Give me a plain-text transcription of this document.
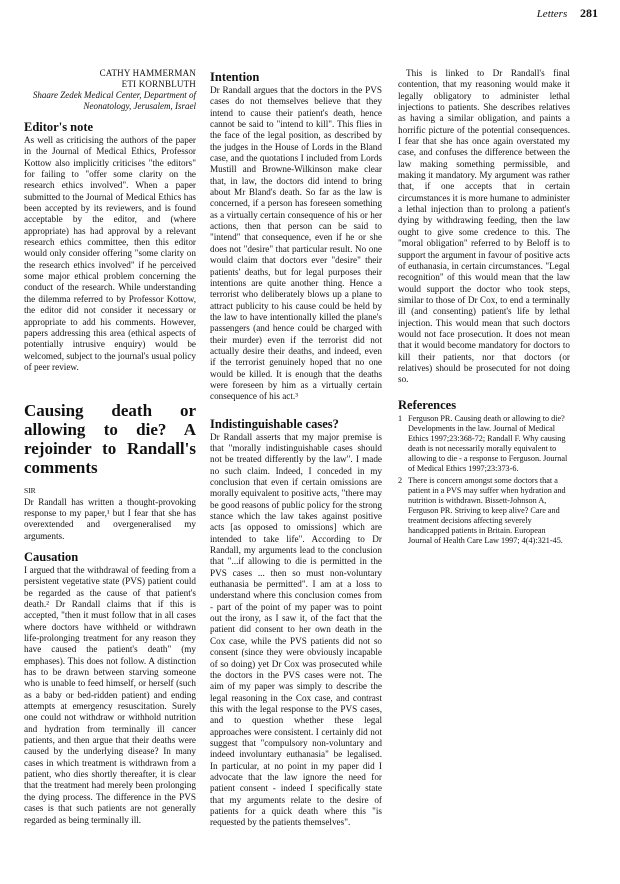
Letters 281
CATHY HAMMERMAN
ETI KORNBLUTH
Shaare Zedek Medical Center, Department of
Neonatology, Jerusalem, Israel
Editor's note

As well as criticising the authors of the paper in the Journal of Medical Ethics, Professor Kottow also implicitly criticises "the editors" for failing to "offer some clarity on the research ethics involved". When a paper submitted to the Journal of Medical Ethics has been accepted by its reviewers, and is found acceptable by the editor, and (where appropriate) has had approval by a relevant research ethics committee, then this editor would only consider offering "some clarity on the research ethics involved" if he perceived some major ethical problem concerning the conduct of the research. While understanding the dilemma referred to by Professor Kottow, the editor did not consider it necessary or appropriate to add his comments. However, papers addressing this area (ethical aspects of potentially intrusive enquiry) would be welcomed, subject to the journal's usual policy of peer review.

Causing death or allowing to die? A rejoinder to Randall's comments

SIR

Dr Randall has written a thought-provoking response to my paper,¹ but I fear that she has overextended and overgeneralised my arguments.

Causation

I argued that the withdrawal of feeding from a persistent vegetative state (PVS) patient could be regarded as the cause of that patient's death.² Dr Randall claims that if this is accepted, "then it must follow that in all cases where doctors have withheld or withdrawn life-prolonging treatment for any reason they have caused the patient's death" (my emphases). This does not follow. A distinction has to be drawn between starving someone who is unable to feed himself, or herself (such as a baby or bed-ridden patient) and ending attempts at emergency resuscitation. Surely one could not withdraw or withhold nutrition and hydration from terminally ill cancer patients, and then argue that their deaths were caused by the underlying disease? In many cases in which treatment is withdrawn from a patient, who dies shortly thereafter, it is clear that the treatment had merely been prolonging the dying process. The difference in the PVS cases is that such patients are not generally regarded as being terminally ill.

Intention

Dr Randall argues that the doctors in the PVS cases do not themselves believe that they intend to cause their patient's death, hence cannot be said to "intend to kill". This flies in the face of the legal position, as described by the judges in the House of Lords in the Bland case, and the quotations I included from Lords Mustill and Browne-Wilkinson make clear that, in law, the doctors did intend to bring about Mr Bland's death. So far as the law is concerned, if a person has foreseen something as a virtually certain consequence of his or her actions, then that person can be said to "intend" that consequence, even if he or she does not "desire" that particular result. No one would claim that doctors ever "desire" their patients' deaths, but for legal purposes their intentions are quite another thing. Hence a terrorist who deliberately blows up a plane to attract publicity to his cause could be held by the law to have intentionally killed the plane's passengers (and hence could be charged with their murder) even if the terrorist did not actually desire their deaths, and indeed, even if the terrorist genuinely hoped that no one would be killed. It is enough that the deaths were foreseen by him as a virtually certain consequence of his act.³

Indistinguishable cases?

Dr Randall asserts that my major premise is that "morally indistinguishable cases should not be treated differently by the law". I made no such claim. Indeed, I conceded in my conclusion that even if certain omissions are morally equivalent to positive acts, "there may be good reasons of public policy for the strong stance which the law takes against positive acts [as opposed to omissions] which are intended to take life". According to Dr Randall, my arguments lead to the conclusion that "...if allowing to die is permitted in the PVS cases ... then so must non-voluntary euthanasia be permitted". I am at a loss to understand where this conclusion comes from - part of the point of my paper was to point out the irony, as I saw it, of the fact that the patient did consent to her own death in the Cox case, while the PVS patients did not so consent (since they were obviously incapable of so doing) yet Dr Cox was prosecuted while the doctors in the PVS cases were not. The aim of my paper was simply to describe the legal reasoning in the Cox case, and contrast this with the legal response to the PVS cases, and to question whether these legal approaches were consistent. I certainly did not suggest that "compulsory non-voluntary and indeed involuntary euthanasia" be legalised. In particular, at no point in my paper did I advocate that the law ignore the need for patient consent - indeed I specifically state that my arguments relate to the desire of patients for a quick death where this "is requested by the patients themselves".

This is linked to Dr Randall's final contention, that my reasoning would make it legally obligatory to administer lethal injections to patients. She describes relatives as having a similar obligation, and paints a horrific picture of the potential consequences. I fear that she has once again overstated my case, and confuses the difference between the law making something permissible, and making it mandatory. My argument was rather that, if one accepts that in certain circumstances it is more humane to administer a lethal injection than to prolong a patient's dying by withdrawing feeding, then the law ought to give some credence to this. The "moral obligation" referred to by Beloff is to support the argument in favour of positive acts of euthanasia, in certain circumstances. "Legal recognition" of this would mean that the law would support the doctor who took steps, similar to those of Dr Cox, to end a terminally ill (and consenting) patient's life by lethal injection. This would mean that such doctors would not face prosecution. It does not mean that it would become mandatory for doctors to kill their patients, nor that doctors (or relatives) should be prosecuted for not doing so.

References
1 Ferguson PR. Causing death or allowing to die? Developments in the law. Journal of Medical Ethics 1997;23:368-72; Randall F. Why causing death is not necessarily morally equivalent to allowing to die - a response to Ferguson. Journal of Medical Ethics 1997;23:373-6.
2 There is concern amongst some doctors that a patient in a PVS may suffer when hydration and nutrition is withdrawn. Bissett-Johnson A, Ferguson PR. Striving to keep alive? Care and treatment decisions affecting severely handicapped patients in Britain. European Journal of Health Care Law 1997; 4(4):321-45.
